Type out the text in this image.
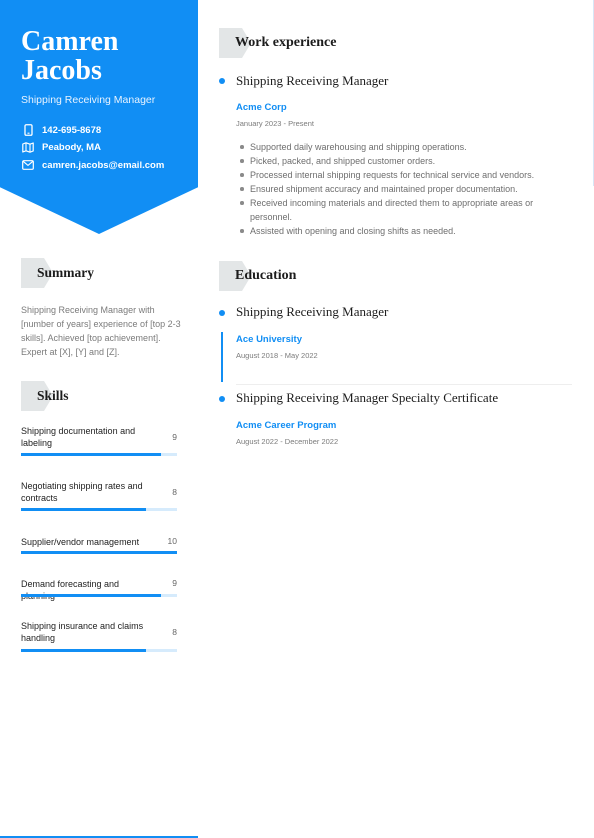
Camren Jacobs
Shipping Receiving Manager
142-695-8678
Peabody, MA
camren.jacobs@email.com
Summary
Shipping Receiving Manager with [number of years] experience of [top 2-3 skills]. Achieved [top achievement]. Expert at [X], [Y] and [Z].
Skills
Shipping documentation and labeling
9
Negotiating shipping rates and contracts
8
Supplier/vendor management	10
Demand forecasting and	9
Shipping insurance and claims handling
8
Work experience
Shipping Receiving Manager
Acme Corp
January 2023 - Present
Supported daily warehousing and shipping operations.
Picked, packed, and shipped customer orders.
Processed internal shipping requests for technical service and vendors.
Ensured shipment accuracy and maintained proper documentation.
Received incoming materials and directed them to appropriate areas or personnel.
Assisted with opening and closing shifts as needed.
Education
Shipping Receiving Manager
Ace University
August 2018 - May 2022
Shipping Receiving Manager Specialty Certificate
Acme Career Program
August 2022 - December 2022
